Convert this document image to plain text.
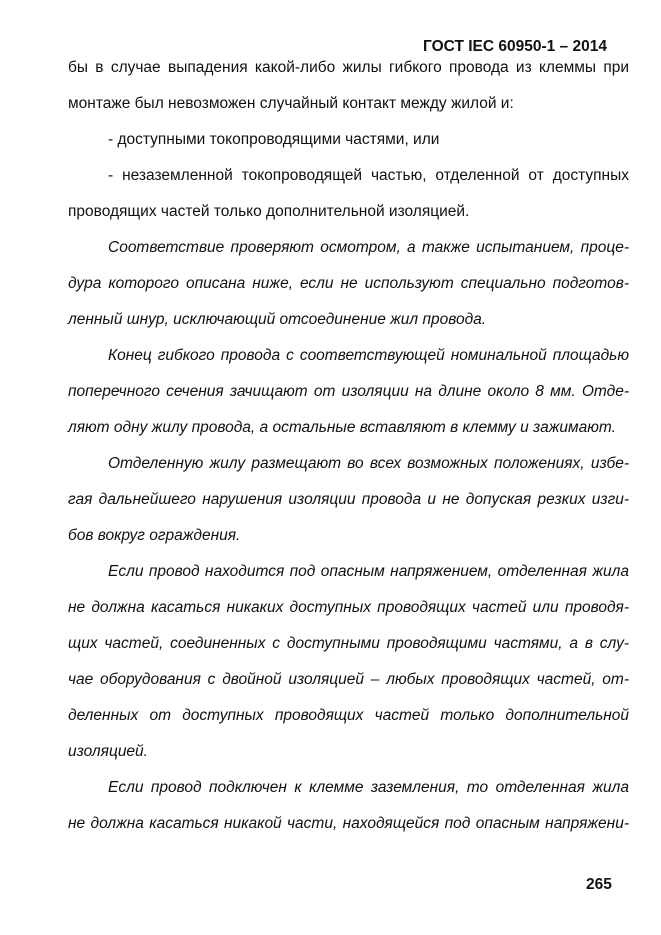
ГОСТ IEC 60950-1 – 2014
бы в случае выпадения какой-либо жилы гибкого провода из клеммы при
монтаже был невозможен случайный контакт между жилой и:
- доступными токопроводящими частями, или
- незаземленной токопроводящей частью, отделенной от доступных
проводящих частей только дополнительной изоляцией.
Соответствие проверяют осмотром, а также испытанием, проце-
дура которого описана ниже, если не используют специально подготов-
ленный шнур, исключающий отсоединение жил провода.
Конец гибкого провода с соответствующей номинальной площадью
поперечного сечения зачищают от изоляции на длине около 8 мм. Отде-
ляют одну жилу провода, а остальные вставляют в клемму и зажимают.
Отделенную жилу размещают во всех возможных положениях, избе-
гая дальнейшего нарушения изоляции провода и не допуская резких изги-
бов вокруг ограждения.
Если провод находится под опасным напряжением, отделенная жила
не должна касаться никаких доступных проводящих частей или проводя-
щих частей, соединенных с доступными проводящими частями, а в слу-
чае оборудования с двойной изоляцией – любых проводящих частей, от-
деленных от доступных проводящих частей только дополнительной
изоляцией.
Если провод подключен к клемме заземления, то отделенная жила
не должна касаться никакой части, находящейся под опасным напряжени-
265
